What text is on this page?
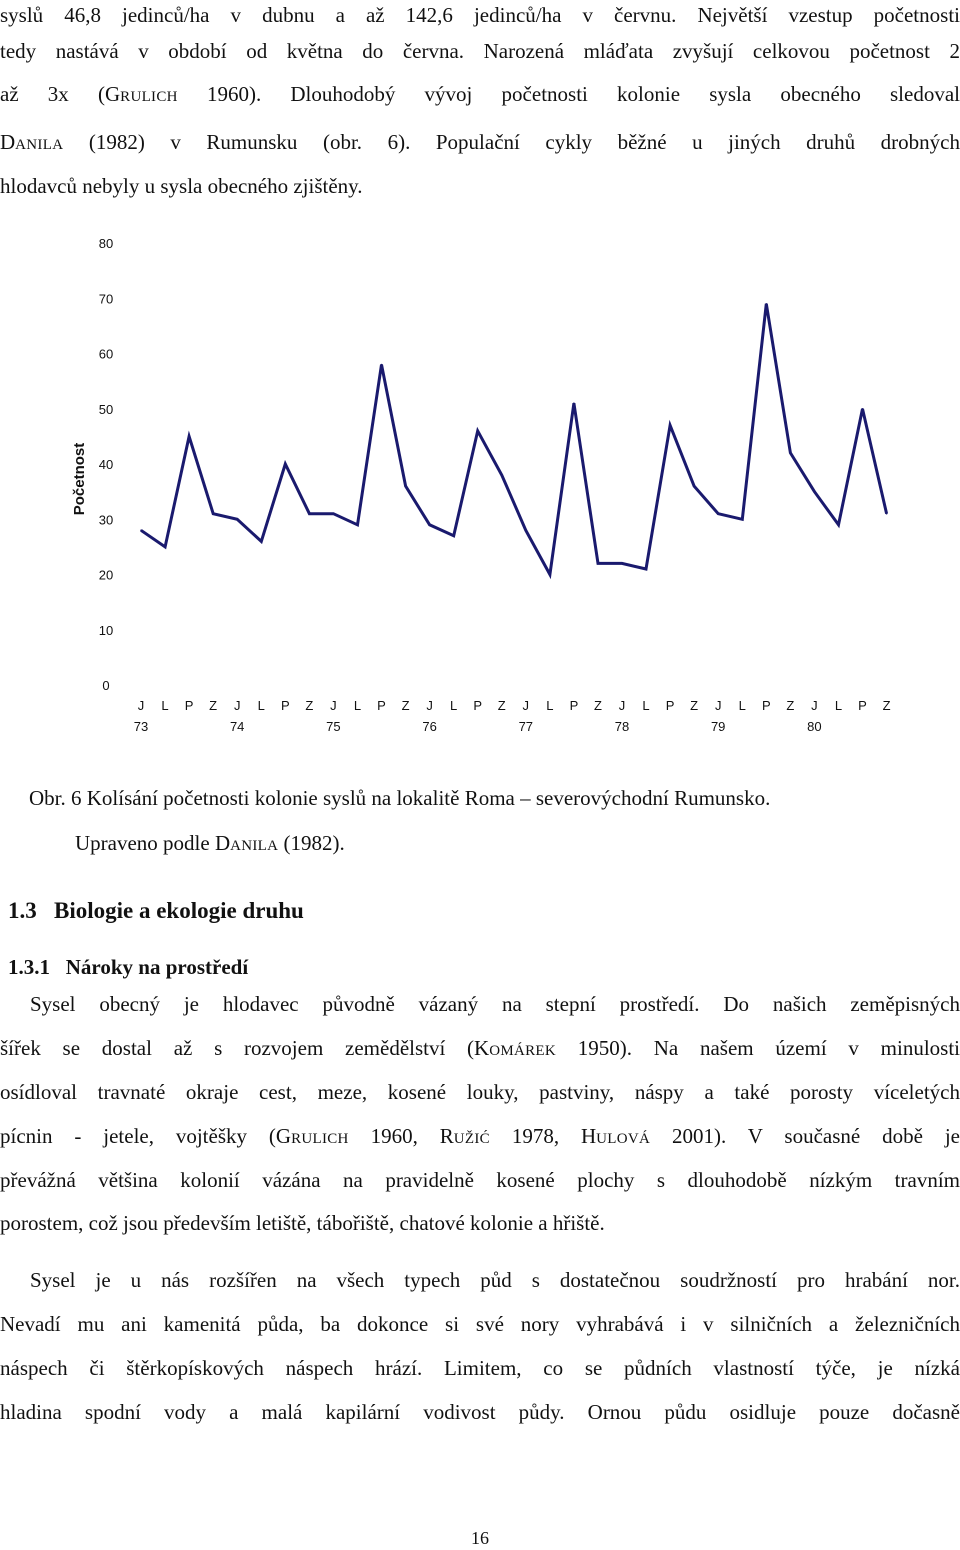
syslů 46,8 jedinců/ha v dubnu a až 142,6 jedinců/ha v červnu. Největší vzestup početnosti
tedy nastává v období od května do června. Narozená mláďata zvyšují celkovou početnost 2
až 3x (GRULICH 1960). Dlouhodobý vývoj početnosti kolonie sysla obecného sledoval
DANILA (1982) v Rumunsku (obr. 6). Populační cykly běžné u jiných druhů drobných
hlodavců nebyly u sysla obecného zjištěny.
0
10
20
30
40
50
60
70
80
J L P Z J L P Z J L P Z J L P Z J L P Z J L P Z J L P Z J L P Z
73	74	75	76	77	78	79	80
Početnost
Obr. 6 Kolísání početnosti kolonie syslů na lokalitě Roma – severovýchodní Rumunsko.
Upraveno podle DANILA (1982).
1.3   Biologie a ekologie druhu
1.3.1   Nároky na prostředí
Sysel obecný je hlodavec původně vázaný na stepní prostředí. Do našich zeměpisných
šířek se dostal až s rozvojem zemědělství (KOMÁREK 1950). Na našem území v minulosti
osídloval travnaté okraje cest, meze, kosené louky, pastviny, náspy a také porosty víceletých
pícnin - jetele, vojtěšky (GRULICH 1960, RUŽIĆ 1978, HULOVÁ 2001). V současné době je
převážná většina kolonií vázána na pravidelně kosené plochy s dlouhodobě nízkým travním
porostem, což jsou především letiště, tábořiště, chatové kolonie a hřiště.
Sysel je u nás rozšířen na všech typech půd s dostatečnou soudržností pro hrabání nor.
Nevadí mu ani kamenitá půda, ba dokonce si své nory vyhrabává i v silničních a železničních
náspech či štěrkopískových náspech hrází. Limitem, co se půdních vlastností týče, je nízká
hladina spodní vody a malá kapilární vodivost půdy. Ornou půdu osidluje pouze dočasně
16
